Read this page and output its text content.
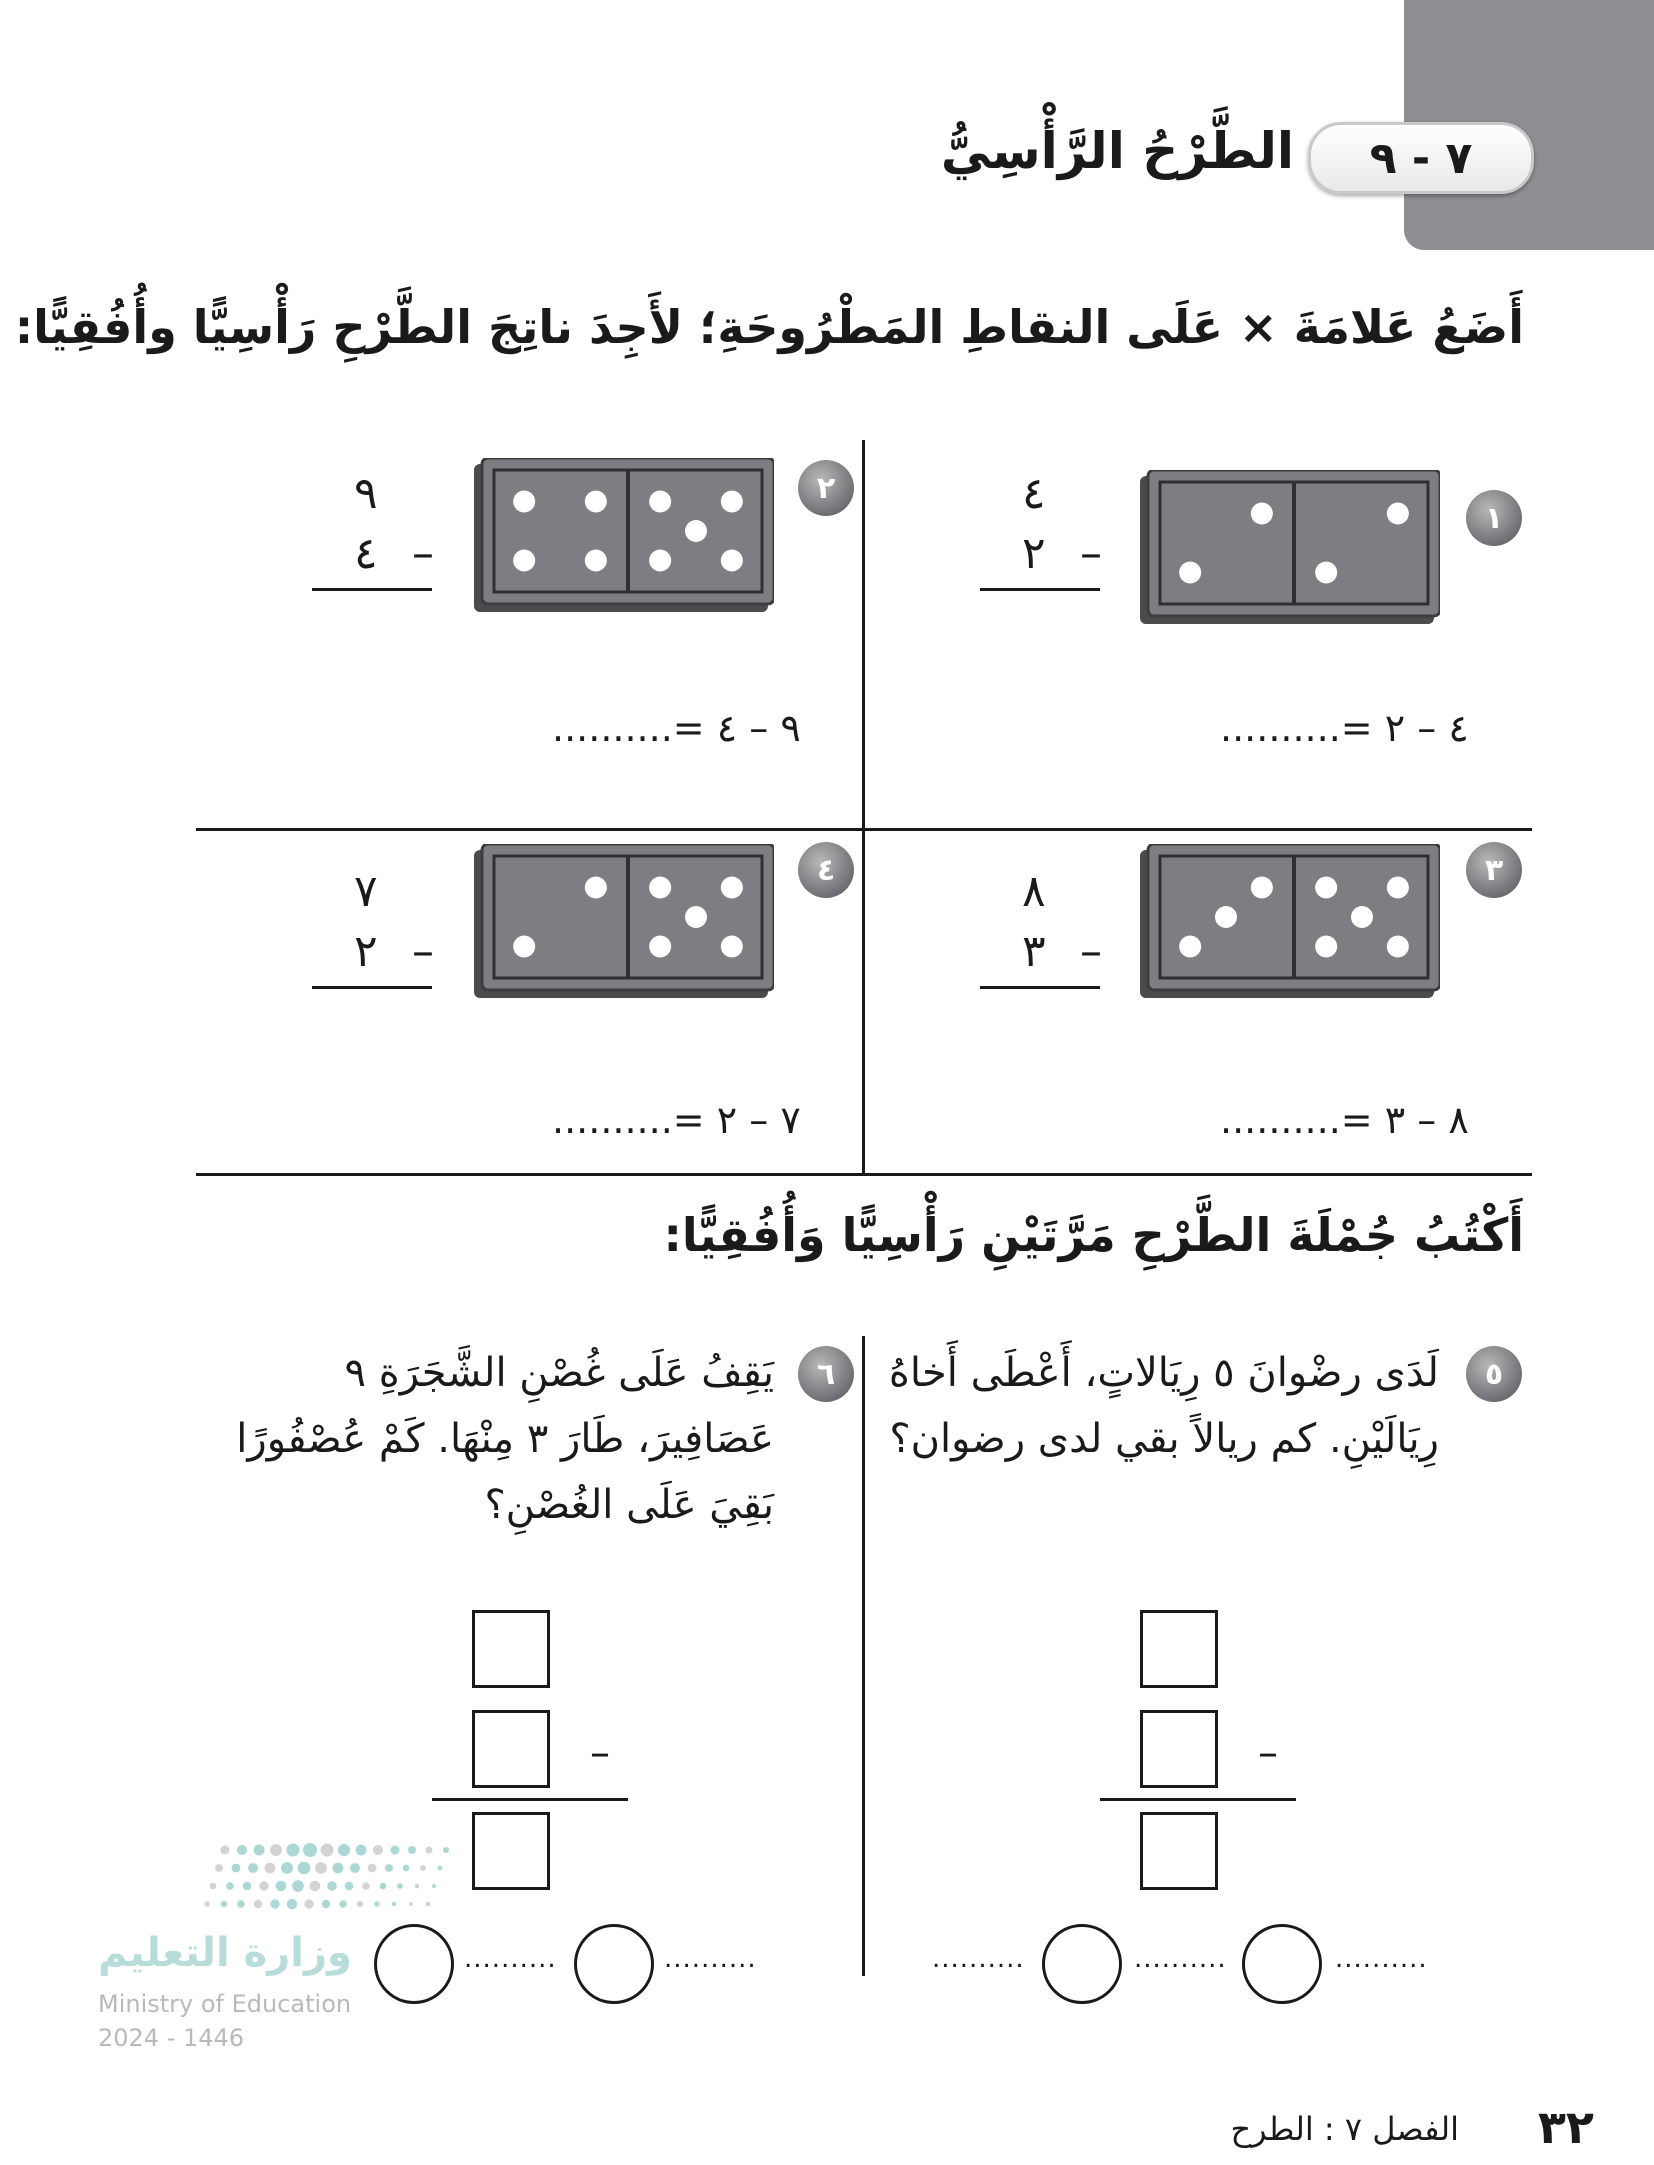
٧ - ٩
الطَّرْحُ الرَّأْسِيُّ
أَضَعُ عَلامَةَ × عَلَى النقاطِ المَطْرُوحَةِ؛ لأَجِدَ ناتِجَ الطَّرْحِ رَأْسِيًّا وأُفُقِيًّا:
١
٤
–
٢
٤ – ٢ =..........
٢
٩
–
٤
٩ – ٤ =..........
٣
٨
–
٣
٨ – ٣ =..........
٤
٧
–
٢
٧ – ٢ =..........
أَكْتُبُ جُمْلَةَ الطَّرْحِ مَرَّتَيْنِ رَأْسِيًّا وَأُفُقِيًّا:
٥
لَدَى رضْوانَ ٥ رِيَالاتٍ، أَعْطَى أَخاهُ رِيَالَيْنِ. كم ريالاً بقي لدى رضوان؟
–
..........
..........
..........
٦
يَقِفُ عَلَى غُصْنِ الشَّجَرَةِ ٩ عَصَافِيرَ، طَارَ ٣ مِنْهَا. كَمْ عُصْفُورًا بَقِيَ عَلَى الغُصْنِ؟
–
..........
..........
وزارة التعليم
Ministry of Education
2024 - 1446
٣٢
الفصل ٧ : الطرح
